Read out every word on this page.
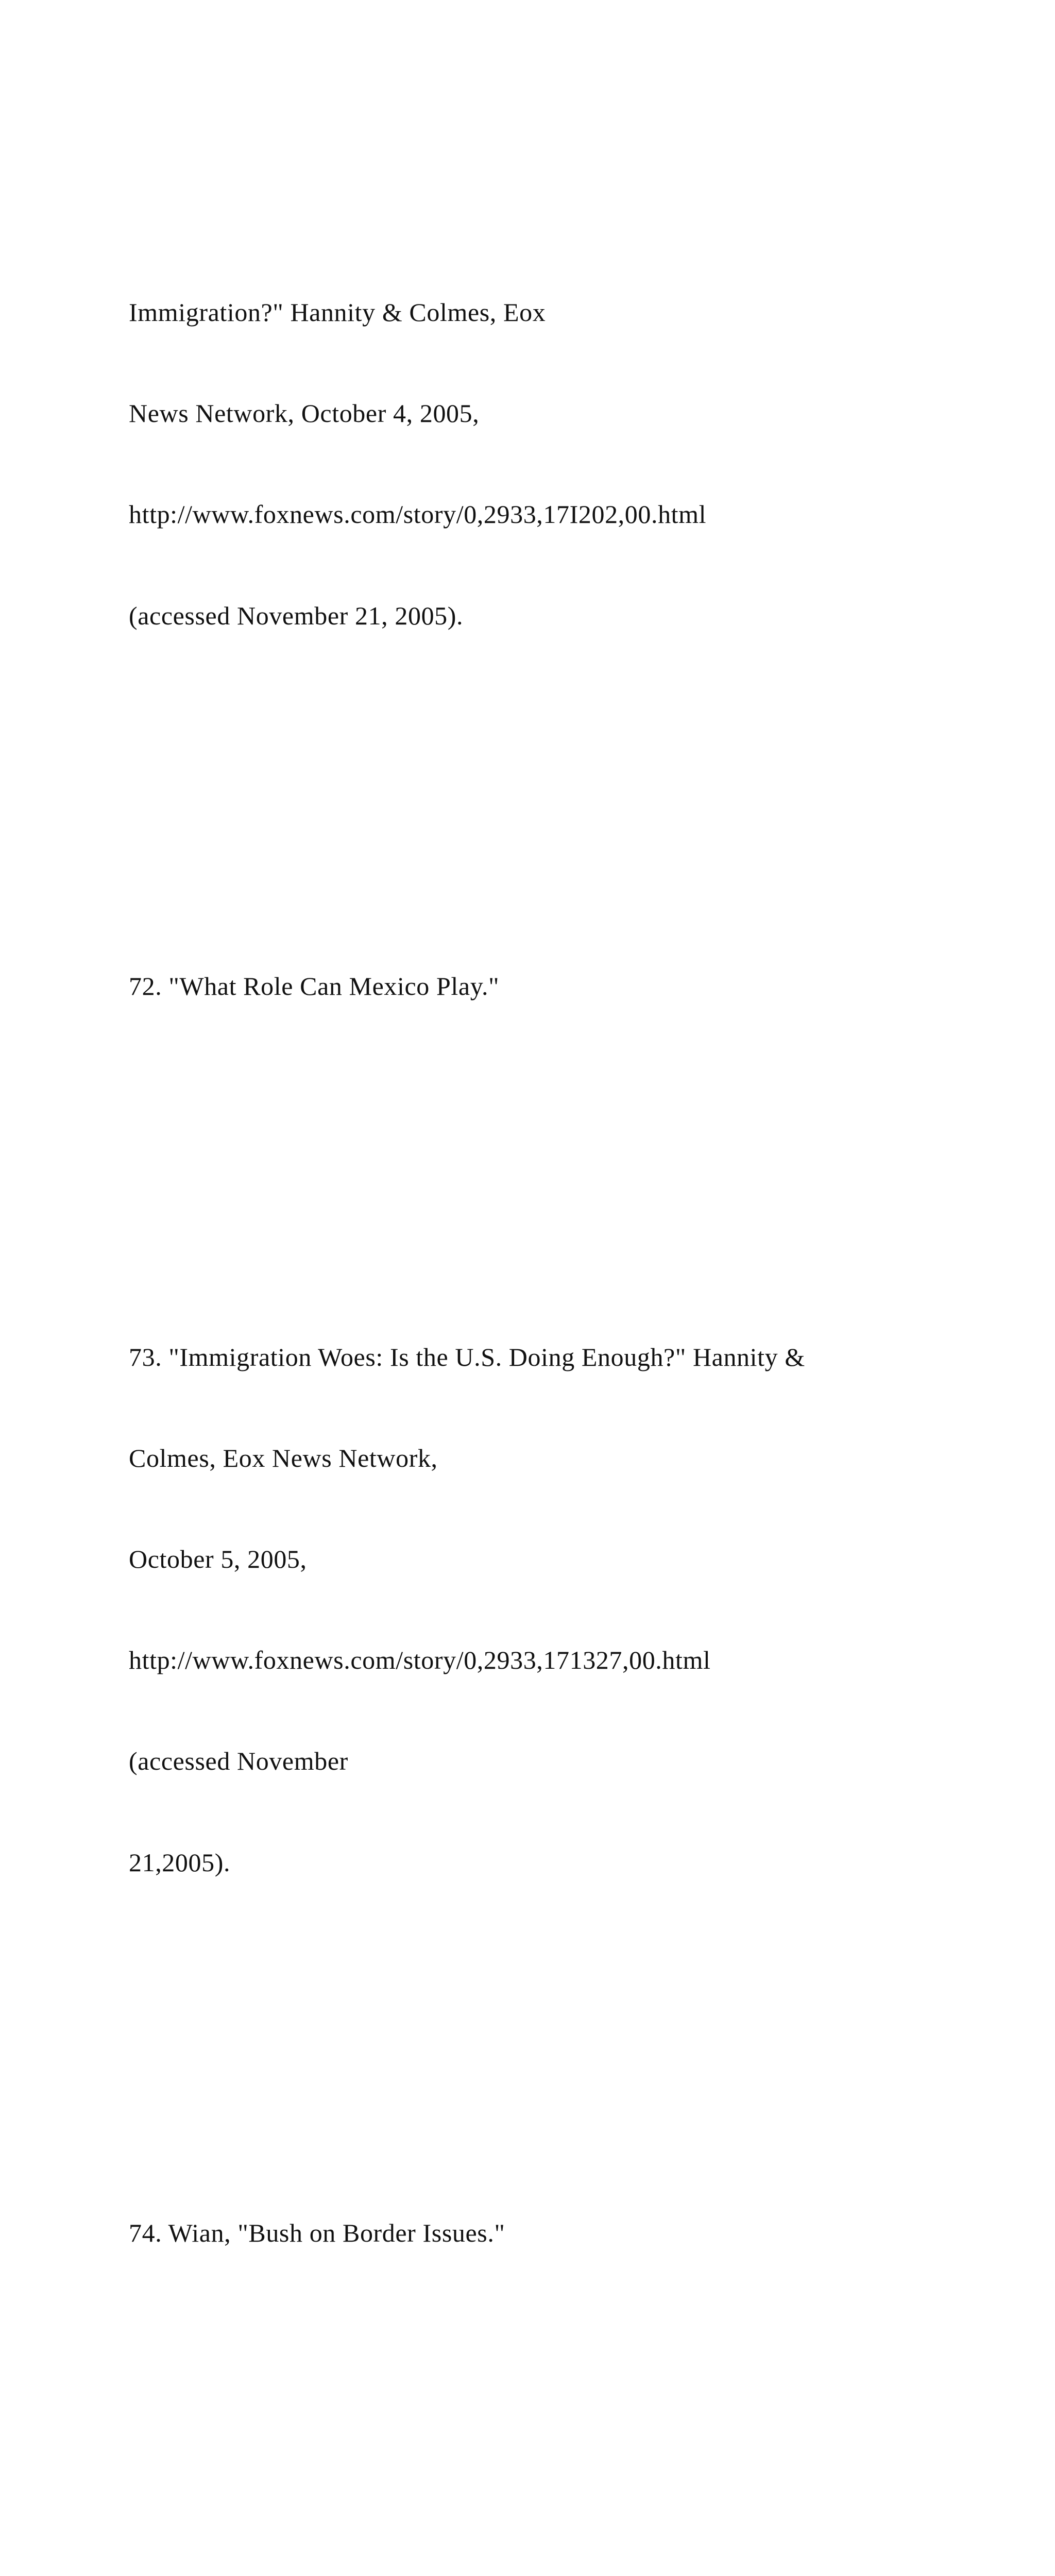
Immigration?" Hannity & Colmes, Eox

News Network, October 4, 2005,

http://www.foxnews.com/story/0,2933,17I202,00.html

(accessed November 21, 2005).

72. "What Role Can Mexico Play."

73. "Immigration Woes: Is the U.S. Doing Enough?" Hannity &

Colmes, Eox News Network,

October 5, 2005,

http://www.foxnews.com/story/0,2933,171327,00.html

(accessed November

21,2005).

74. Wian, "Bush on Border Issues."
